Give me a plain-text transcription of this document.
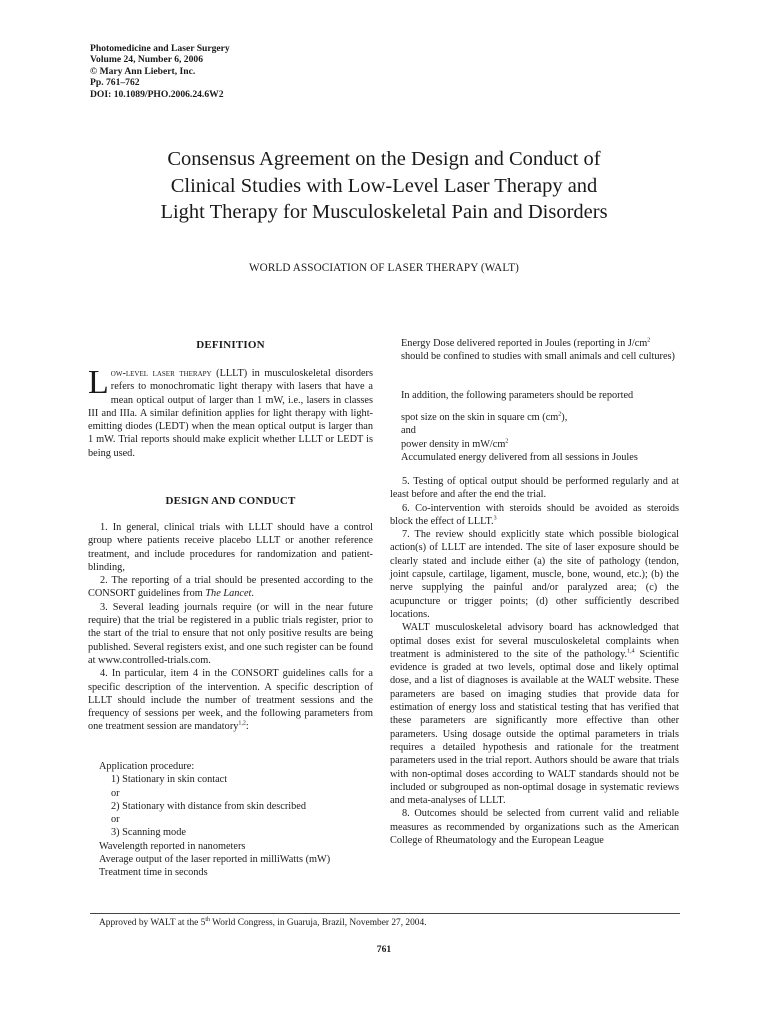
Photomedicine and Laser Surgery
Volume 24, Number 6, 2006
© Mary Ann Liebert, Inc.
Pp. 761–762
DOI: 10.1089/PHO.2006.24.6W2
Consensus Agreement on the Design and Conduct of
Clinical Studies with Low-Level Laser Therapy and
Light Therapy for Musculoskeletal Pain and Disorders
WORLD ASSOCIATION OF LASER THERAPY (WALT)
DEFINITION
L ow-level laser therapy (LLLT) in musculoskeletal disorders refers to monochromatic light therapy with lasers that have a mean optical output of larger than 1 mW, i.e., lasers in classes III and IIIa. A similar definition applies for light therapy with light-emitting diodes (LEDT) when the mean optical output is larger than 1 mW. Trial reports should make explicit whether LLLT or LEDT is being used.

DESIGN AND CONDUCT

1. In general, clinical trials with LLLT should have a control group where patients receive placebo LLLT or another reference treatment, and include procedures for randomization and patient-blinding,

2. The reporting of a trial should be presented according to the CONSORT guidelines from The Lancet.

3. Several leading journals require (or will in the near future require) that the trial be registered in a public trials register, prior to the start of the trial to ensure that not only positive results are being published. Several registers exist, and one such register can be found at www.controlled-trials.com.

4. In particular, item 4 in the CONSORT guidelines calls for a specific description of the intervention. A specific description of LLLT should include the number of treatment sessions and the frequency of sessions per week, and the following parameters from one treatment session are mandatory$^{1,2}$:

Application procedure:
1) Stationary in skin contact
or
2) Stationary with distance from skin described
or
3) Scanning mode
Wavelength reported in nanometers
Average output of the laser reported in milliWatts (mW)
Treatment time in seconds
Energy Dose delivered reported in Joules (reporting in $J/cm^2$ should be confined to studies with small animals and cell cultures)
In addition, the following parameters should be reported
spot size on the skin in square cm $(cm^2)$,
and
power density in $mW/cm^2$
Accumulated energy delivered from all sessions in Joules

5. Testing of optical output should be performed regularly and at least before and after the end the trial.

6. Co-intervention with steroids should be avoided as steroids block the effect of LLLT.$^3$

7. The review should explicitly state which possible biological action(s) of LLLT are intended. The site of laser exposure should be clearly stated and include either (a) the site of pathology (tendon, joint capsule, cartilage, ligament, muscle, bone, wound, etc.); (b) the nerve supplying the painful and/or paralyzed area; (c) the acupuncture or trigger points; (d) other sufficiently described locations.

WALT musculoskeletal advisory board has acknowledged that optimal doses exist for several musculoskeletal complaints when treatment is administered to the site of the pathology.$^{1,4}$ Scientific evidence is graded at two levels, optimal dose and likely optimal dose, and a list of diagnoses is available at the WALT website. These parameters are based on imaging studies that provide data for estimation of energy loss and statistical testing that has verified that these parameters are significantly more effective than other parameters. Using dosage outside the optimal parameters in trials requires a detailed hypothesis and rationale for the treatment parameters used in the trial report. Authors should be aware that trials with non-optimal doses according to WALT standards should not be included or subgrouped as non-optimal dosage in systematic reviews and meta-analyses of LLLT.

8. Outcomes should be selected from current valid and reliable measures as recommended by organizations such as the American College of Rheumatology and the European League

Approved by WALT at the 5th World Congress, in Guaruja, Brazil, November 27, 2004.
761
